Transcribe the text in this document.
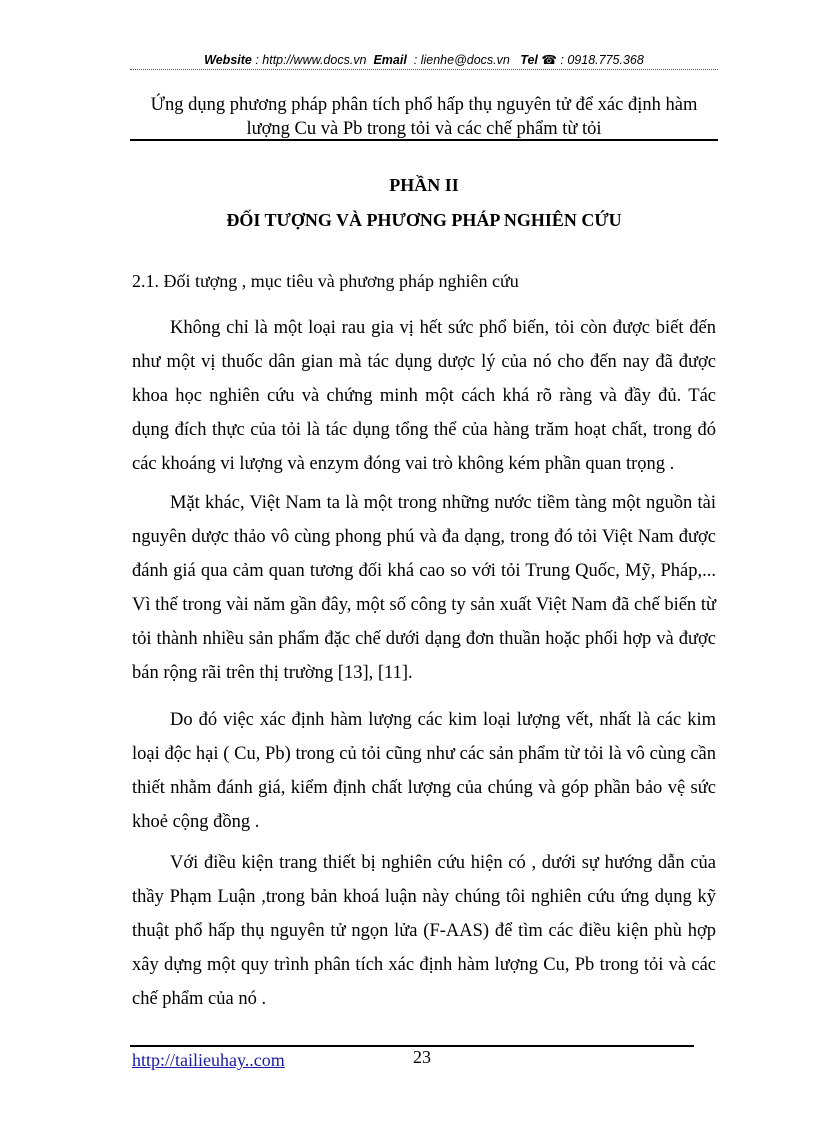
Website : http://www.docs.vn Email : lienhe@docs.vn Tel ☎ : 0918.775.368
Ứng dụng phương pháp phân tích phổ hấp thụ nguyên tử để xác định hàm
lượng Cu và Pb trong tỏi và các chế phẩm từ tỏi
PHẦN II
ĐỐI TƯỢNG VÀ PHƯƠNG PHÁP NGHIÊN CỨU
2.1. Đối tượng , mục tiêu và phương pháp nghiên cứu

Không chỉ là một loại rau gia vị hết sức phổ biến, tỏi còn được biết đến như một vị thuốc dân gian mà tác dụng dược lý của nó cho đến nay đã được khoa học nghiên cứu và chứng minh một cách khá rõ ràng và đầy đủ. Tác dụng đích thực của tỏi là tác dụng tổng thể của hàng trăm hoạt chất, trong đó các khoáng vi lượng và enzym đóng vai trò không kém phần quan trọng .

Mặt khác, Việt Nam ta là một trong những nước tiềm tàng một nguồn tài nguyên dược thảo vô cùng phong phú và đa dạng, trong đó tỏi Việt Nam được đánh giá qua cảm quan tương đối khá cao so với tỏi Trung Quốc, Mỹ, Pháp,... Vì thế trong vài năm gần đây, một số công ty sản xuất Việt Nam đã chế biến từ tỏi thành nhiều sản phẩm đặc chế dưới dạng đơn thuần hoặc phối hợp và được bán rộng rãi trên thị trường [13], [11].

Do đó việc xác định hàm lượng các kim loại lượng vết, nhất là các kim loại độc hại ( Cu, Pb) trong củ tỏi cũng như các sản phẩm từ tỏi là vô cùng cần thiết nhằm đánh giá, kiểm định chất lượng của chúng và góp phần bảo vệ sức khoẻ cộng đồng .

Với điều kiện trang thiết bị nghiên cứu hiện có , dưới sự hướng dẫn của thầy Phạm Luận ,trong bản khoá luận này chúng tôi nghiên cứu ứng dụng kỹ thuật phổ hấp thụ nguyên tử ngọn lửa (F-AAS) để tìm các điều kiện phù hợp xây dựng một quy trình phân tích xác định hàm lượng Cu, Pb trong tỏi và các chế phẩm của nó .

http://tailieuhay..com	23
